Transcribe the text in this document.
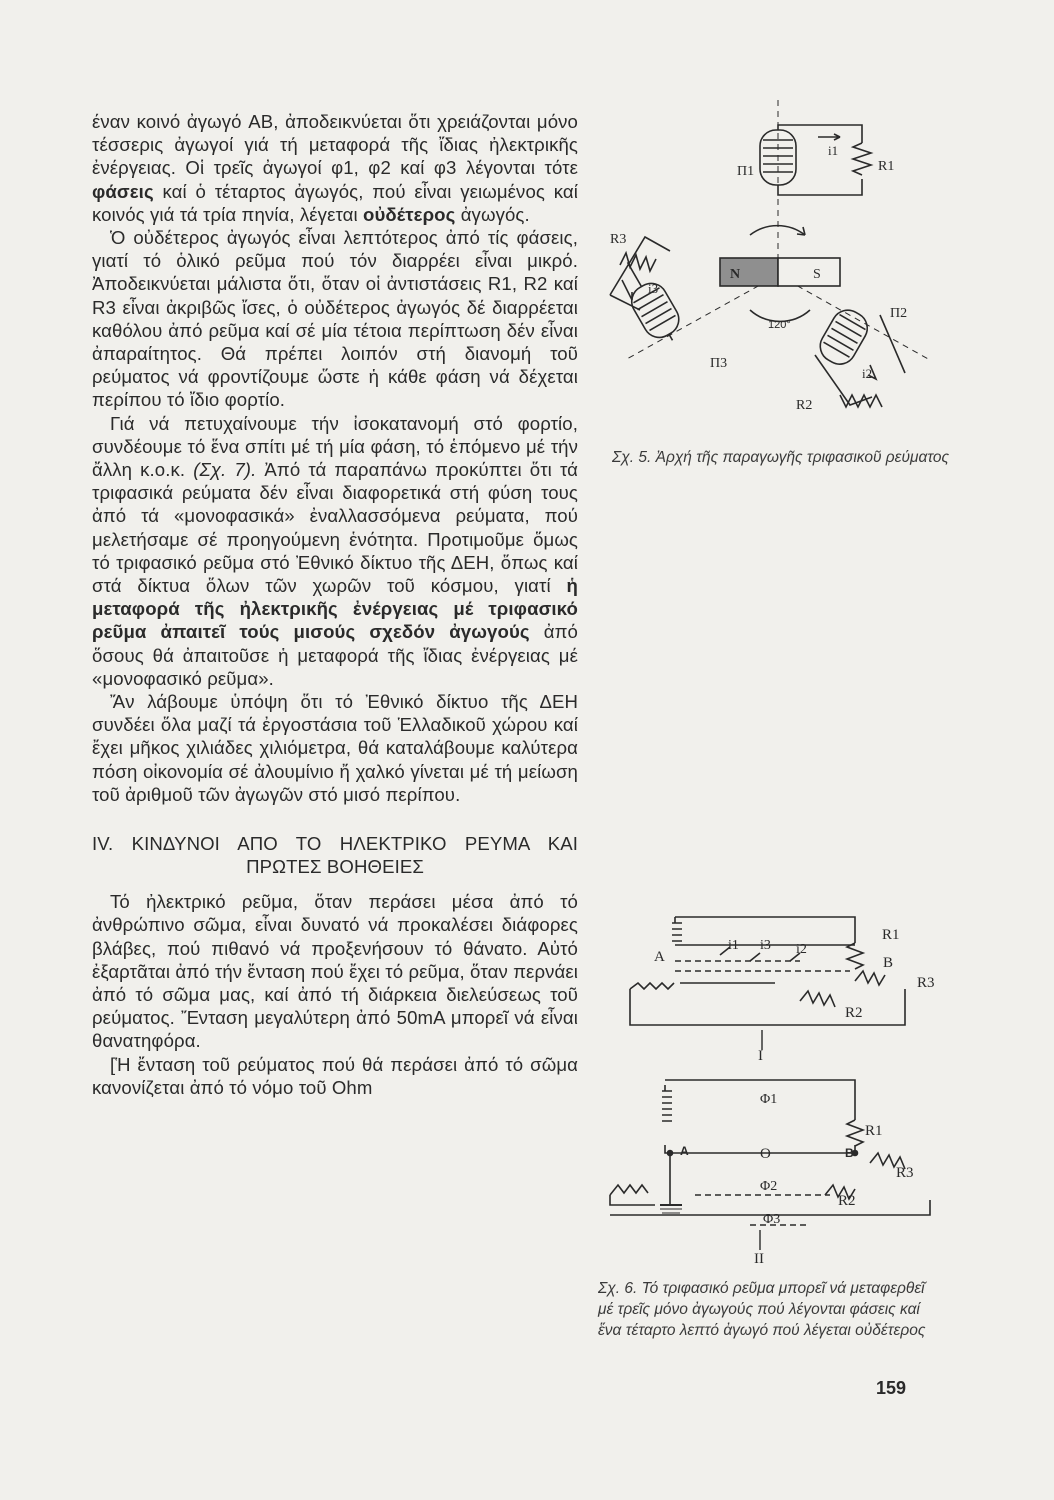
έναν κοινό ἀγωγό AB, ἀποδεικνύεται ὅτι χρειάζονται μόνο τέσσερις ἀγωγοί γιά τή μεταφορά τῆς ἴδιας ἠλεκτρικῆς ἐνέργειας. Οἱ τρεῖς ἀγωγοί φ1, φ2 καί φ3 λέγονται τότε φάσεις καί ὁ τέταρτος ἀγωγός, πού εἶναι γειωμένος καί κοινός γιά τά τρία πηνία, λέγεται οὐδέτερος ἀγωγός.

Ὁ οὐδέτερος ἀγωγός εἶναι λεπτότερος ἀπό τίς φάσεις, γιατί τό ὁλικό ρεῦμα πού τόν διαρρέει εἶναι μικρό. Ἀποδεικνύεται μάλιστα ὅτι, ὅταν οἱ ἀντιστάσεις R1, R2 καί R3 εἶναι ἀκριβῶς ἴσες, ὁ οὐδέτερος ἀγωγός δέ διαρρέεται καθόλου ἀπό ρεῦμα καί σέ μία τέτοια περίπτωση δέν εἶναι ἀπαραίτητος. Θά πρέπει λοιπόν στή διανομή τοῦ ρεύματος νά φροντίζουμε ὥστε ἡ κάθε φάση νά δέχεται περίπου τό ἴδιο φορτίο.

Γιά νά πετυχαίνουμε τήν ἰσοκατανομή στό φορτίο, συνδέουμε τό ἕνα σπίτι μέ τή μία φάση, τό ἑπόμενο μέ τήν ἄλλη κ.ο.κ. (Σχ. 7). Ἀπό τά παραπάνω προκύπτει ὅτι τά τριφασικά ρεύματα δέν εἶναι διαφορετικά στή φύση τους ἀπό τά «μονοφασικά» ἐναλλασσόμενα ρεύματα, πού μελετήσαμε σέ προηγούμενη ἑνότητα. Προτιμοῦμε ὅμως τό τριφασικό ρεῦμα στό Ἐθνικό δίκτυο τῆς ΔΕΗ, ὅπως καί στά δίκτυα ὅλων τῶν χωρῶν τοῦ κόσμου, γιατί ἡ μεταφορά τῆς ἠλεκτρικῆς ἐνέργειας μέ τριφασικό ρεῦμα ἀπαιτεῖ τούς μισούς σχεδόν ἀγωγούς ἀπό ὅσους θά ἀπαιτοῦσε ἡ μεταφορά τῆς ἴδιας ἐνέργειας μέ «μονοφασικό ρεῦμα».

Ἄν λάβουμε ὑπόψη ὅτι τό Ἐθνικό δίκτυο τῆς ΔΕΗ συνδέει ὅλα μαζί τά ἐργοστάσια τοῦ Ἑλλαδικοῦ χώρου καί ἔχει μῆκος χιλιάδες χιλιόμετρα, θά καταλάβουμε καλύτερα πόση οἰκονομία σέ ἀλουμίνιο ἤ χαλκό γίνεται μέ τή μείωση τοῦ ἀριθμοῦ τῶν ἀγωγῶν στό μισό περίπου.

IV. ΚΙΝΔΥΝΟΙ ΑΠΟ ΤΟ ΗΛΕΚΤΡΙΚΟ ΡΕΥΜΑ ΚΑΙ
ΠΡΩΤΕΣ ΒΟΗΘΕΙΕΣ

Τό ἠλεκτρικό ρεῦμα, ὅταν περάσει μέσα ἀπό τό ἀνθρώπινο σῶμα, εἶναι δυνατό νά προκαλέσει διάφορες βλάβες, πού πιθανό νά προξενήσουν τό θάνατο. Αὐτό ἐξαρτᾶται ἀπό τήν ἔνταση πού ἔχει τό ρεῦμα, ὅταν περνάει ἀπό τό σῶμα μας, καί ἀπό τή διάρκεια διελεύσεως τοῦ ρεύματος. Ἔνταση μεγαλύτερη ἀπό 50mA μπορεῖ νά εἶναι θανατηφόρα.

[Ἡ ἔνταση τοῦ ρεύματος πού θά περάσει ἀπό τό σῶμα κανονίζεται ἀπό τό νόμο τοῦ Ohm

Π1	R1
i1
R3
i3
Π3
Π2
i2
R2
N	S
120°
Σχ. 5. Ἀρχή τῆς παραγωγῆς τριφασικοῦ ρεύματος
A	B
R1
R2
R3
i1 i3 i2
I
Φ1
R1
A	B
O
R3
Φ2
R2
Φ3
II
Σχ. 6. Τό τριφασικό ρεῦμα μπορεῖ νά μεταφερθεῖ μέ τρεῖς μόνο ἀγωγούς πού λέγονται φάσεις καί ἕνα τέταρτο λεπτό ἀγωγό πού λέγεται οὐδέτερος
159
